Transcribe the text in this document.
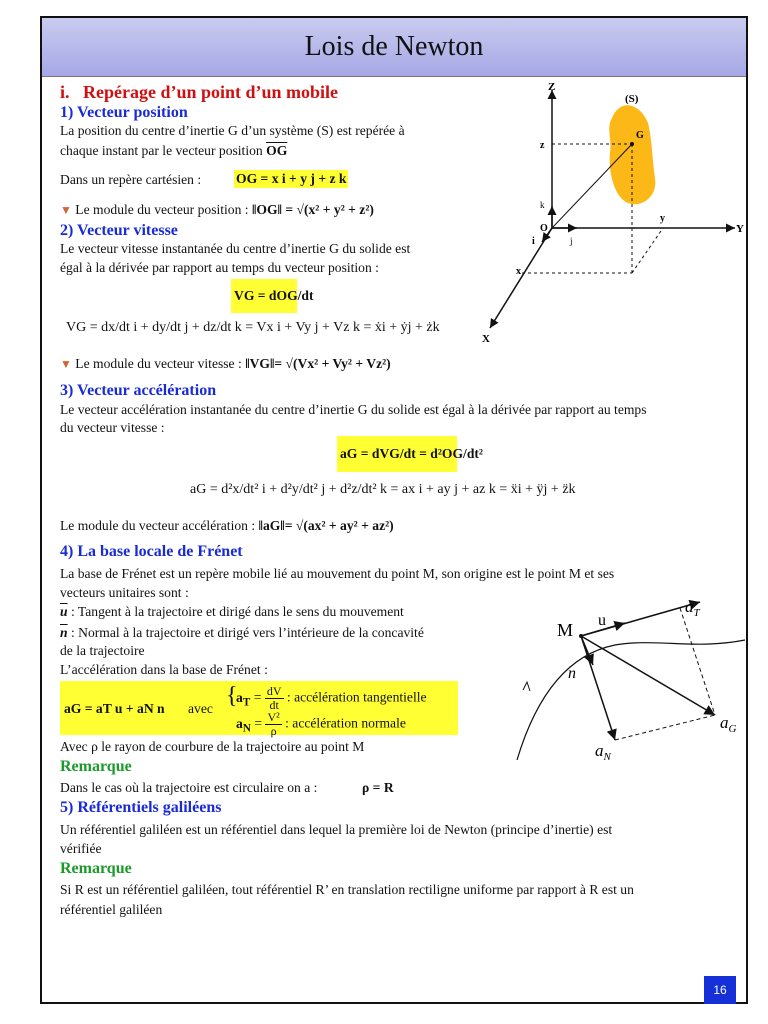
Lois de Newton
i.   Repérage d’un point d’un mobile
1) Vecteur position
La position du centre d’inertie G d’un système (S) est repérée à
chaque instant par le vecteur position $\overline{OG}$
Dans un repère cartésien :	OG = x i + y j + z k
▼ Le module du vecteur position : ‖OG‖ = √(x² + y² + z²)
2) Vecteur vitesse
Le vecteur vitesse instantanée du centre d’inertie G du solide est
égal à la dérivée par rapport au temps du vecteur position :
VG = dOG/dt
VG = dx/dt i + dy/dt j + dz/dt k = Vx i + Vy j + Vz k = ẋi + ẏj + żk
▼ Le module du vecteur vitesse : ‖VG‖= √(Vx² + Vy² + Vz²)
3) Vecteur accélération
Le vecteur accélération instantanée du centre d’inertie G du solide est égal à la dérivée par rapport au temps
du vecteur vitesse :
aG = dVG/dt = d²OG/dt²
aG = d²x/dt² i + d²y/dt² j + d²z/dt² k = ax i + ay j + az k = ẍi + ÿj + z̈k
Le module du vecteur accélération : ‖aG‖= √(ax² + ay² + az²)
4) La base locale de Frénet
La base de Frénet est un repère mobile lié au mouvement du point M, son origine est le point M et ses
vecteurs unitaires sont :
$\overline{u}$ : Tangent à la trajectoire et dirigé dans le sens du mouvement
$\overline{n}$ : Normal à la trajectoire et dirigé vers l’intérieure de la concavité
de la trajectoire
L’accélération dans la base de Frénet :
aG = aT u + aN n avec {
$a_T = \frac{dV}{dt}$ : accélération tangentielle
$a_N = \frac{\text{V²}}{\rho}$ : accélération normale
Avec ρ le rayon de courbure de la trajectoire au point M
Remarque
Dans le cas où la trajectoire est circulaire on a :	ρ = R
5) Référentiels galiléens
Un référentiel galiléen est un référentiel dans lequel la première loi de Newton (principe d’inertie) est
vérifiée
Remarque
Si R est un référentiel galiléen, tout référentiel R’ en translation rectiligne uniforme par rapport à R est un
référentiel galiléen
Z
(S)
G
z
k
O
y
Y
i	j
x
X
M u
n
$a_T$
$a_G$
$a_N$
16
